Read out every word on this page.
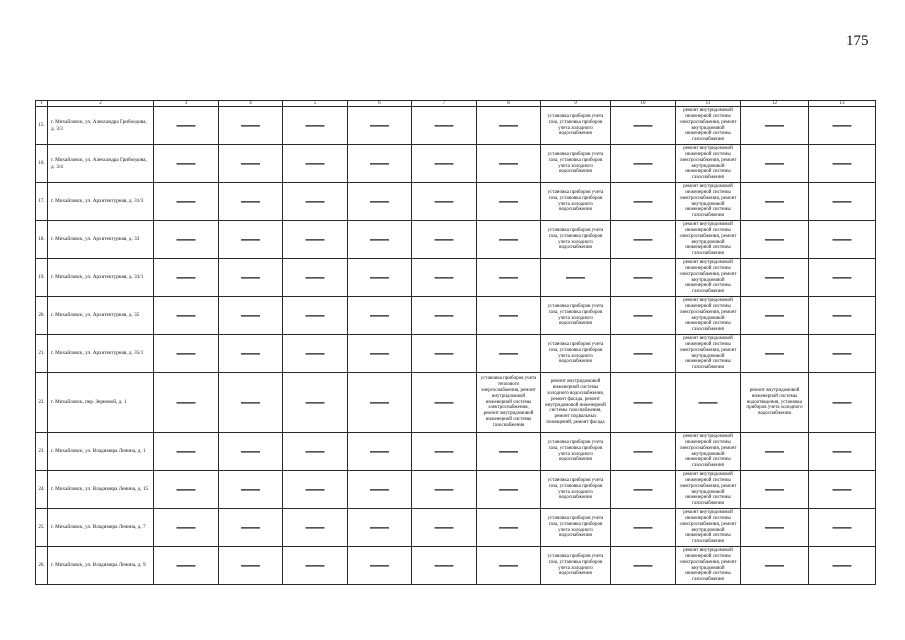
175
1	2	3	4	5	6	7	8	9	10	11	12	13
15.	г. Михайловск, ул. Александра Грибоедова, д. 3/3	—	—	—	—	—	—	установка приборов учета газа, установка приборов учета холодного водоснабжения	—	ремонт внутридомовой инженерной системы электроснабжения, ремонт внутридомовой инженерной системы газоснабжения	—	—
16.	г. Михайловск, ул. Александра Грибоедова, д. 3/4	—	—	—	—	—	—	установка приборов учета газа, установка приборов учета холодного водоснабжения	—	ремонт внутридомовой инженерной системы электроснабжения, ремонт внутридомовой инженерной системы газоснабжения	—	—
17.	г. Михайловск, ул. Архитектурная, д. 31/3	—	—	—	—	—	—	установка приборов учета газа, установка приборов учета холодного водоснабжения	—	ремонт внутридомовой инженерной системы электроснабжения, ремонт внутридомовой инженерной системы газоснабжения	—	—
18.	г. Михайловск, ул. Архитектурная, д. 33	—	—	—	—	—	—	установка приборов учета газа, установка приборов учета холодного водоснабжения	—	ремонт внутридомовой инженерной системы электроснабжения, ремонт внутридомовой инженерной системы газоснабжения	—	—
19.	г. Михайловск, ул. Архитектурная, д. 33/1	—	—	—	—	—	—	—	—	ремонт внутридомовой инженерной системы электроснабжения, ремонт внутридомовой инженерной системы газоснабжения	—	—
20.	г. Михайловск, ул. Архитектурная, д. 35	—	—	—	—	—	—	установка приборов учета газа, установка приборов учета холодного водоснабжения	—	ремонт внутридомовой инженерной системы электроснабжения, ремонт внутридомовой инженерной системы газоснабжения	—	—
21.	г. Михайловск, ул. Архитектурная, д. 35/1	—	—	—	—	—	—	установка приборов учета газа, установка приборов учета холодного водоснабжения	—	ремонт внутридомовой инженерной системы электроснабжения, ремонт внутридомовой инженерной системы газоснабжения	—	—
22.	г. Михайловск, пер. Зерновой, д. 1	—	—	—	—	—	установка приборов учета теплового энергоснабжения, ремонт внутридомовой инженерной системы электроснабжения, ремонт внутридомовой инженерной системы газоснабжения	ремонт внутридомовой инженерной системы холодного водоснабжения, ремонт фасада, ремонт внутридомовой инженерной системы газоснабжения, ремонт подвальных помещений, ремонт фасада	—	—	ремонт внутридомовой инженерной системы водоотведения, установка приборов учета холодного водоснабжения	—
23.	г. Михайловск, ул. Владимира Ленина, д. 1	—	—	—	—	—	—	установка приборов учета газа, установка приборов учета холодного водоснабжения	—	ремонт внутридомовой инженерной системы электроснабжения, ремонт внутридомовой инженерной системы газоснабжения	—	—
24.	г. Михайловск, ул. Владимира Ленина, д. 15	—	—	—	—	—	—	установка приборов учета газа, установка приборов учета холодного водоснабжения	—	ремонт внутридомовой инженерной системы электроснабжения, ремонт внутридомовой инженерной системы газоснабжения	—	—
25.	г. Михайловск, ул. Владимира Ленина, д. 7	—	—	—	—	—	—	установка приборов учета газа, установка приборов учета холодного водоснабжения	—	ремонт внутридомовой инженерной системы электроснабжения, ремонт внутридомовой инженерной системы газоснабжения	—	—
26.	г. Михайловск, ул. Владимира Ленина, д. 9	—	—	—	—	—	—	установка приборов учета газа, установка приборов учета холодного водоснабжения	—	ремонт внутридомовой инженерной системы электроснабжения, ремонт внутридомовой инженерной системы газоснабжения	—	—
